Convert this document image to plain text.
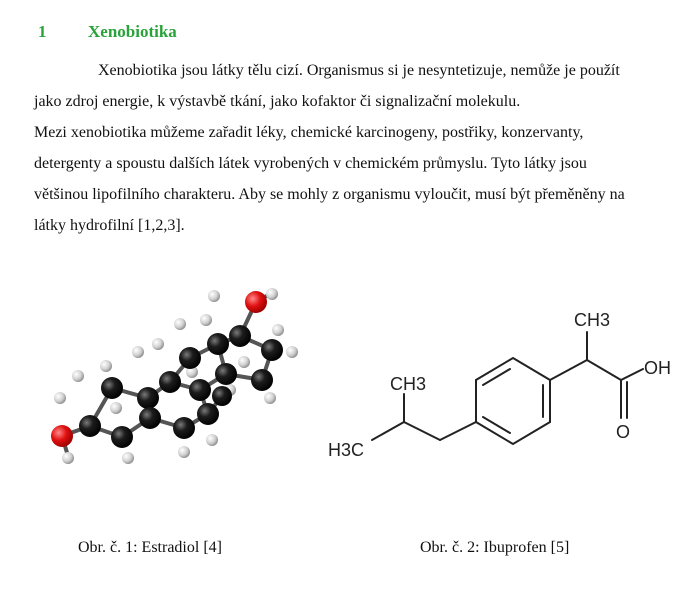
1 Xenobiotika
Xenobiotika jsou látky tělu cizí. Organismus si je nesyntetizuje, nemůže je použít
jako zdroj energie, k výstavbě tkání, jako kofaktor či signalizační molekulu.
Mezi xenobiotika můžeme zařadit léky, chemické karcinogeny, postřiky, konzervanty,
detergenty a spoustu dalších látek vyrobených v chemickém průmyslu. Tyto látky jsou
většinou lipofilního charakteru. Aby se mohly z organismu vyloučit, musí být přeměněny na
látky hydrofilní [1,2,3].
CH3
OH
O
CH3
H3C
Obr. č. 1: Estradiol [4]	Obr. č. 2: Ibuprofen [5]
